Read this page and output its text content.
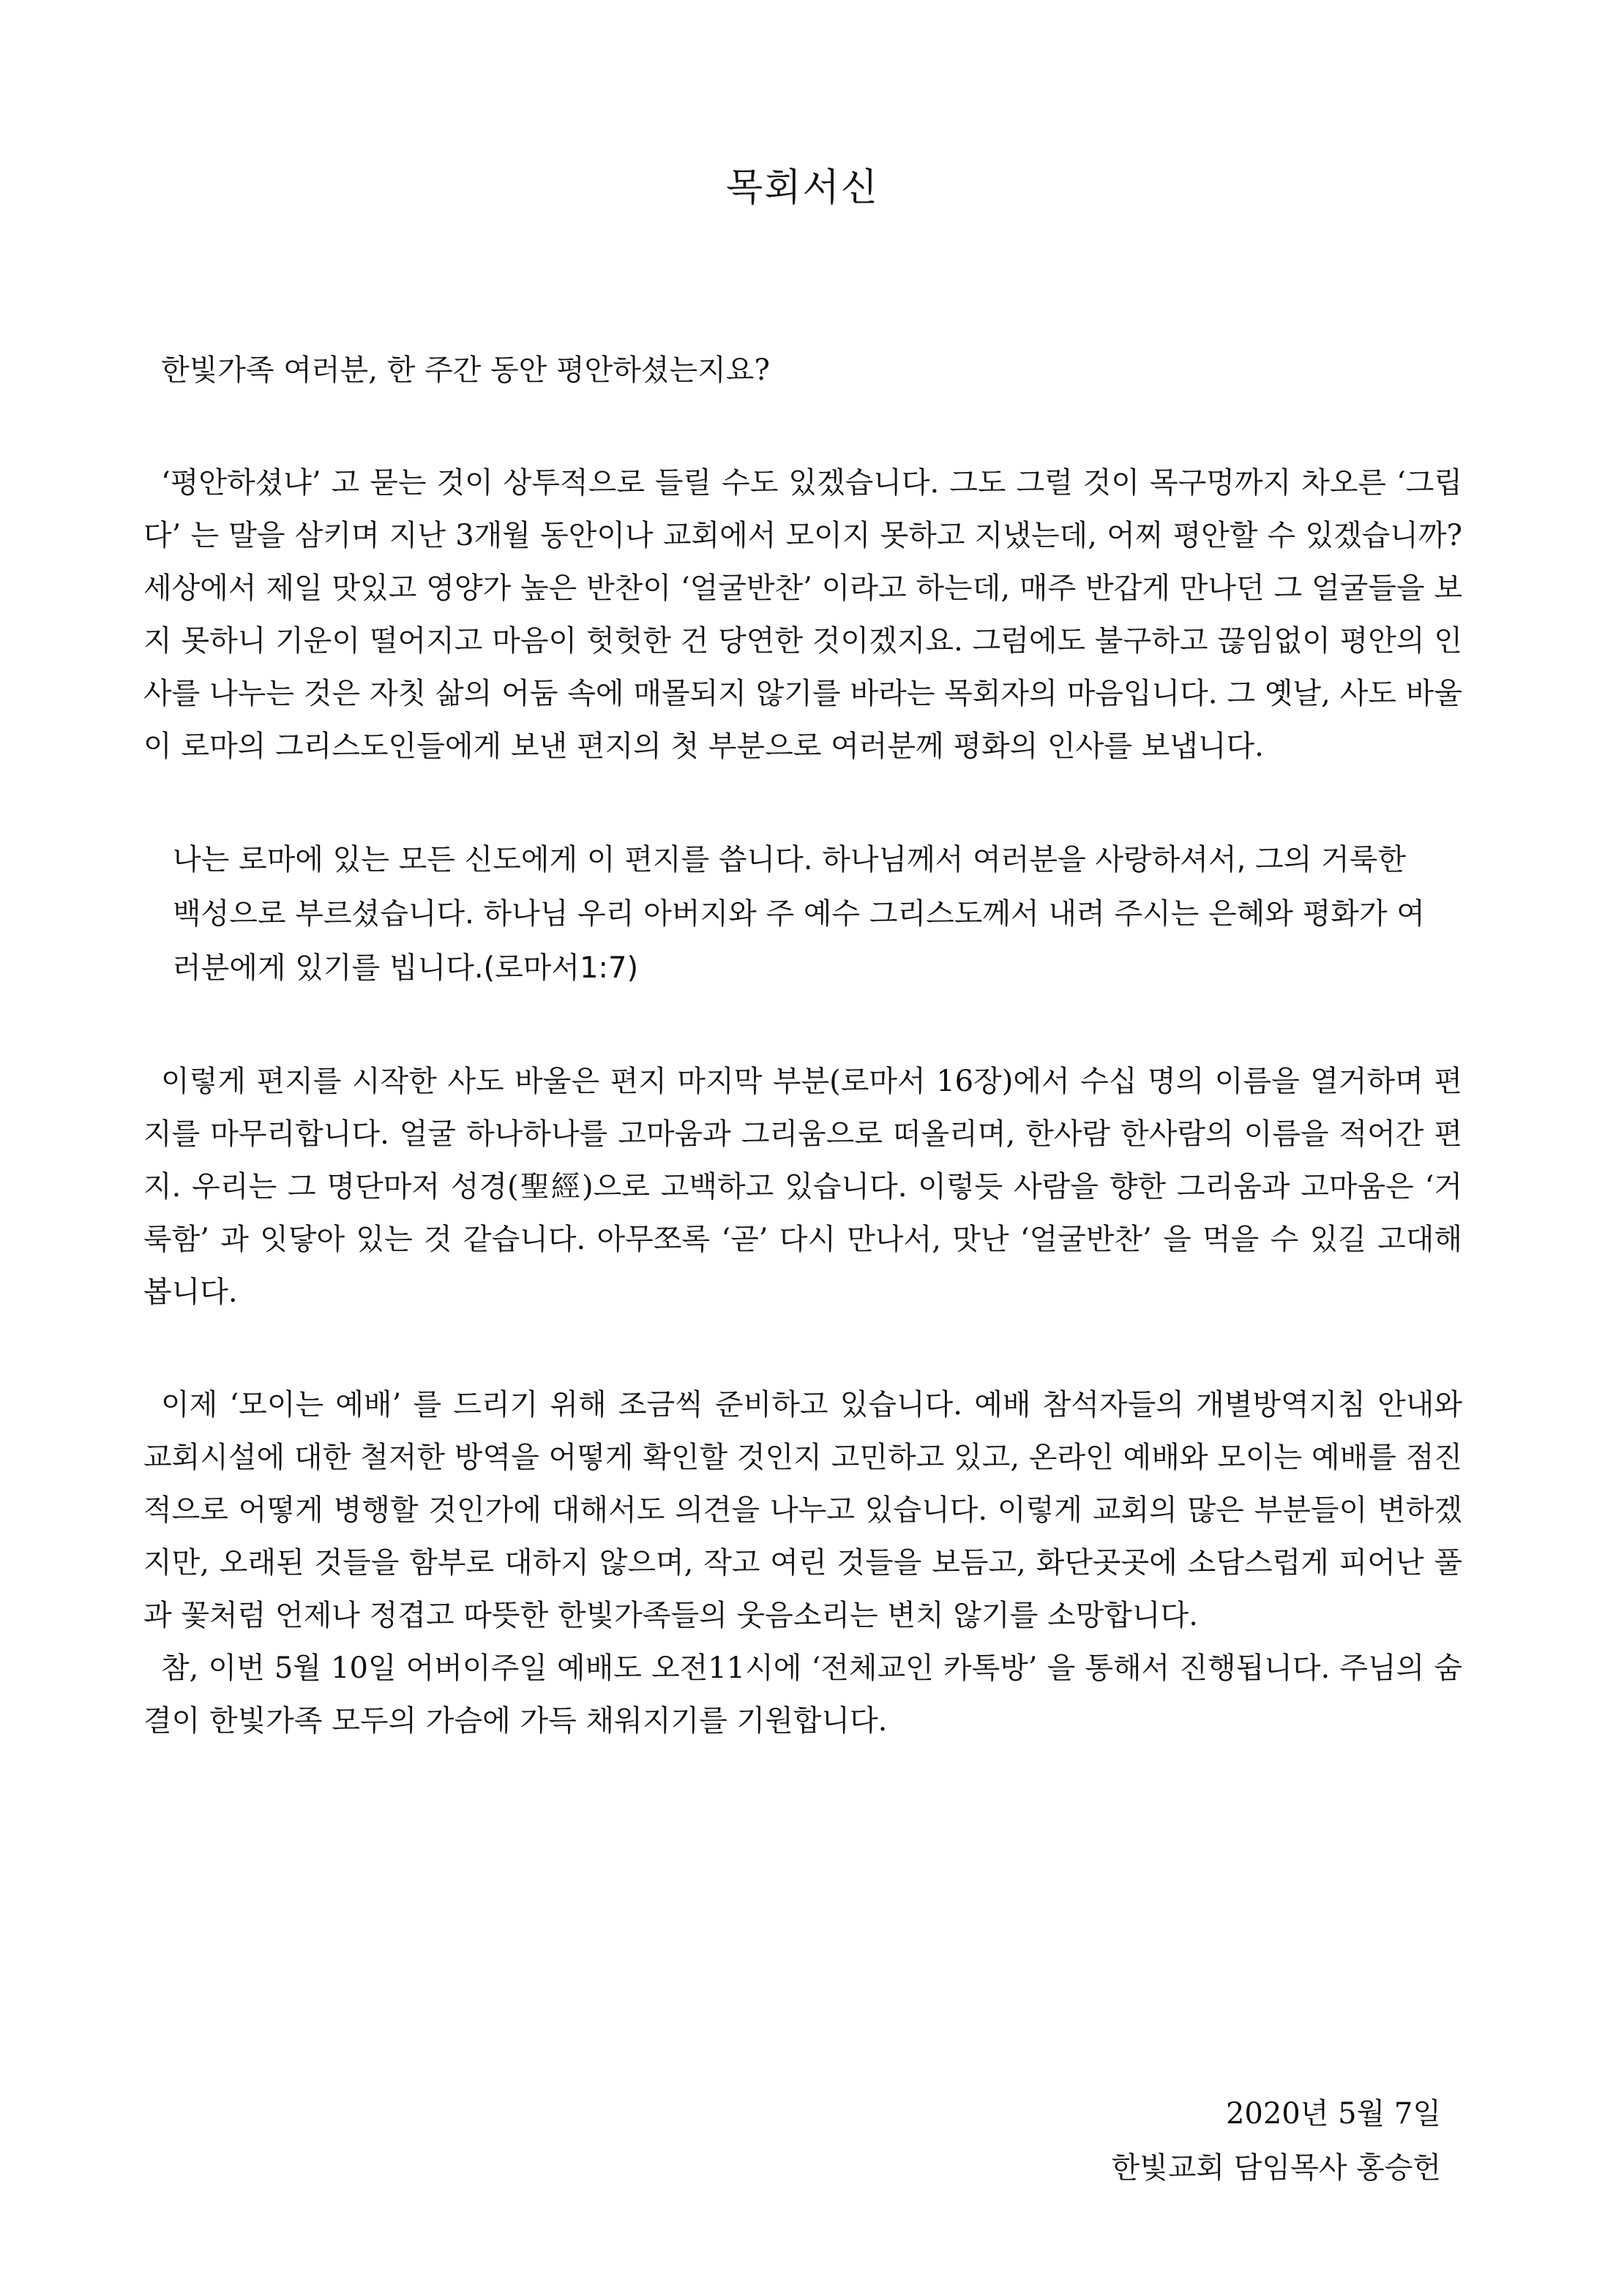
목회서신

한빛가족 여러분, 한 주간 동안 평안하셨는지요?

‘평안하셨냐’ 고 묻는 것이 상투적으로 들릴 수도 있겠습니다. 그도 그럴 것이 목구멍까지 차오른 ‘그립다’ 는 말을 삼키며 지난 3개월 동안이나 교회에서 모이지 못하고 지냈는데, 어찌 평안할 수 있겠습니까? 세상에서 제일 맛있고 영양가 높은 반찬이 ‘얼굴반찬’ 이라고 하는데, 매주 반갑게 만나던 그 얼굴들을 보지 못하니 기운이 떨어지고 마음이 헛헛한 건 당연한 것이겠지요. 그럼에도 불구하고 끊임없이 평안의 인사를 나누는 것은 자칫 삶의 어둠 속에 매몰되지 않기를 바라는 목회자의 마음입니다. 그 옛날, 사도 바울이 로마의 그리스도인들에게 보낸 편지의 첫 부분으로 여러분께 평화의 인사를 보냅니다.

나는 로마에 있는 모든 신도에게 이 편지를 씁니다. 하나님께서 여러분을 사랑하셔서, 그의 거룩한 백성으로 부르셨습니다. 하나님 우리 아버지와 주 예수 그리스도께서 내려 주시는 은혜와 평화가 여러분에게 있기를 빕니다.(로마서1:7)

이렇게 편지를 시작한 사도 바울은 편지 마지막 부분(로마서 16장)에서 수십 명의 이름을 열거하며 편지를 마무리합니다. 얼굴 하나하나를 고마움과 그리움으로 떠올리며, 한사람 한사람의 이름을 적어간 편지. 우리는 그 명단마저 성경(聖經)으로 고백하고 있습니다. 이렇듯 사람을 향한 그리움과 고마움은 ‘거룩함’ 과 잇닿아 있는 것 같습니다. 아무쪼록 ‘곧’ 다시 만나서, 맛난 ‘얼굴반찬’ 을 먹을 수 있길 고대해 봅니다.

이제 ‘모이는 예배’ 를 드리기 위해 조금씩 준비하고 있습니다. 예배 참석자들의 개별방역지침 안내와 교회시설에 대한 철저한 방역을 어떻게 확인할 것인지 고민하고 있고, 온라인 예배와 모이는 예배를 점진적으로 어떻게 병행할 것인가에 대해서도 의견을 나누고 있습니다. 이렇게 교회의 많은 부분들이 변하겠지만, 오래된 것들을 함부로 대하지 않으며, 작고 여린 것들을 보듬고, 화단곳곳에 소담스럽게 피어난 풀과 꽃처럼 언제나 정겹고 따뜻한 한빛가족들의 웃음소리는 변치 않기를 소망합니다.

참, 이번 5월 10일 어버이주일 예배도 오전11시에 ‘전체교인 카톡방’ 을 통해서 진행됩니다. 주님의 숨결이 한빛가족 모두의 가슴에 가득 채워지기를 기원합니다.

2020년 5월 7일
한빛교회 담임목사 홍승헌
